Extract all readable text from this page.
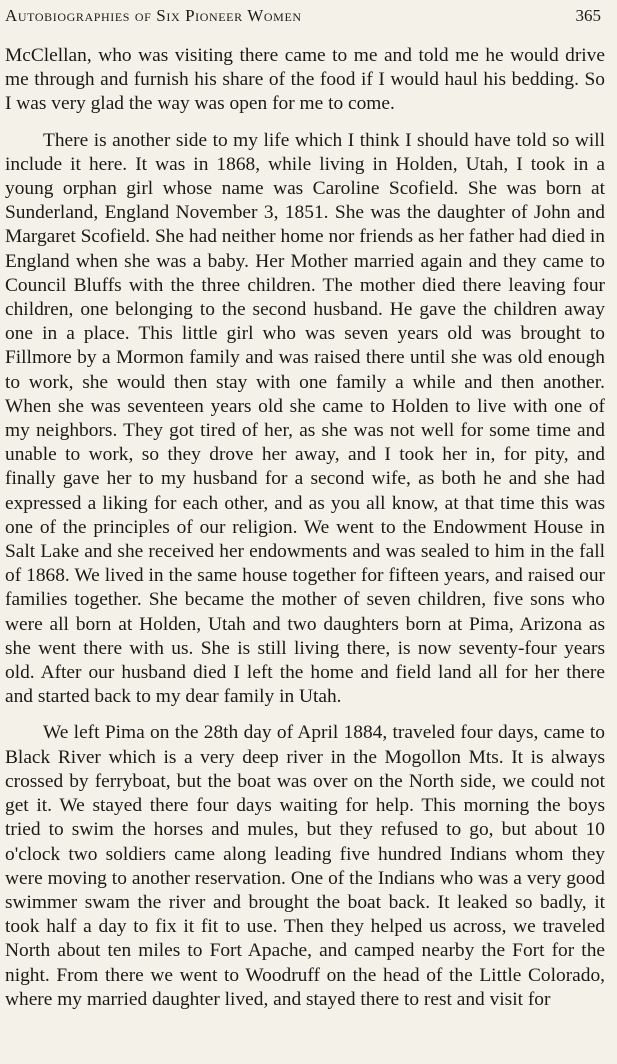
Autobiographies of Six Pioneer Women	365

McClellan, who was visiting there came to me and told me he would drive me through and furnish his share of the food if I would haul his bedding. So I was very glad the way was open for me to come.

There is another side to my life which I think I should have told so will include it here. It was in 1868, while living in Holden, Utah, I took in a young orphan girl whose name was Caroline Scofield. She was born at Sunderland, England November 3, 1851. She was the daughter of John and Margaret Scofield. She had neither home nor friends as her father had died in England when she was a baby. Her Mother married again and they came to Council Bluffs with the three children. The mother died there leaving four children, one belonging to the second husband. He gave the children away one in a place. This little girl who was seven years old was brought to Fillmore by a Mormon family and was raised there until she was old enough to work, she would then stay with one family a while and then another. When she was seventeen years old she came to Holden to live with one of my neighbors. They got tired of her, as she was not well for some time and unable to work, so they drove her away, and I took her in, for pity, and finally gave her to my husband for a second wife, as both he and she had expressed a liking for each other, and as you all know, at that time this was one of the principles of our religion. We went to the Endowment House in Salt Lake and she received her endowments and was sealed to him in the fall of 1868. We lived in the same house together for fifteen years, and raised our families together. She became the mother of seven children, five sons who were all born at Holden, Utah and two daughters born at Pima, Arizona as she went there with us. She is still living there, is now seventy-four years old. After our husband died I left the home and field land all for her there and started back to my dear family in Utah.

We left Pima on the 28th day of April 1884, traveled four days, came to Black River which is a very deep river in the Mogollon Mts. It is always crossed by ferryboat, but the boat was over on the North side, we could not get it. We stayed there four days waiting for help. This morning the boys tried to swim the horses and mules, but they refused to go, but about 10 o'clock two soldiers came along leading five hundred Indians whom they were moving to another reservation. One of the Indians who was a very good swimmer swam the river and brought the boat back. It leaked so badly, it took half a day to fix it fit to use. Then they helped us across, we traveled North about ten miles to Fort Apache, and camped nearby the Fort for the night. From there we went to Woodruff on the head of the Little Colorado, where my married daughter lived, and stayed there to rest and visit for
